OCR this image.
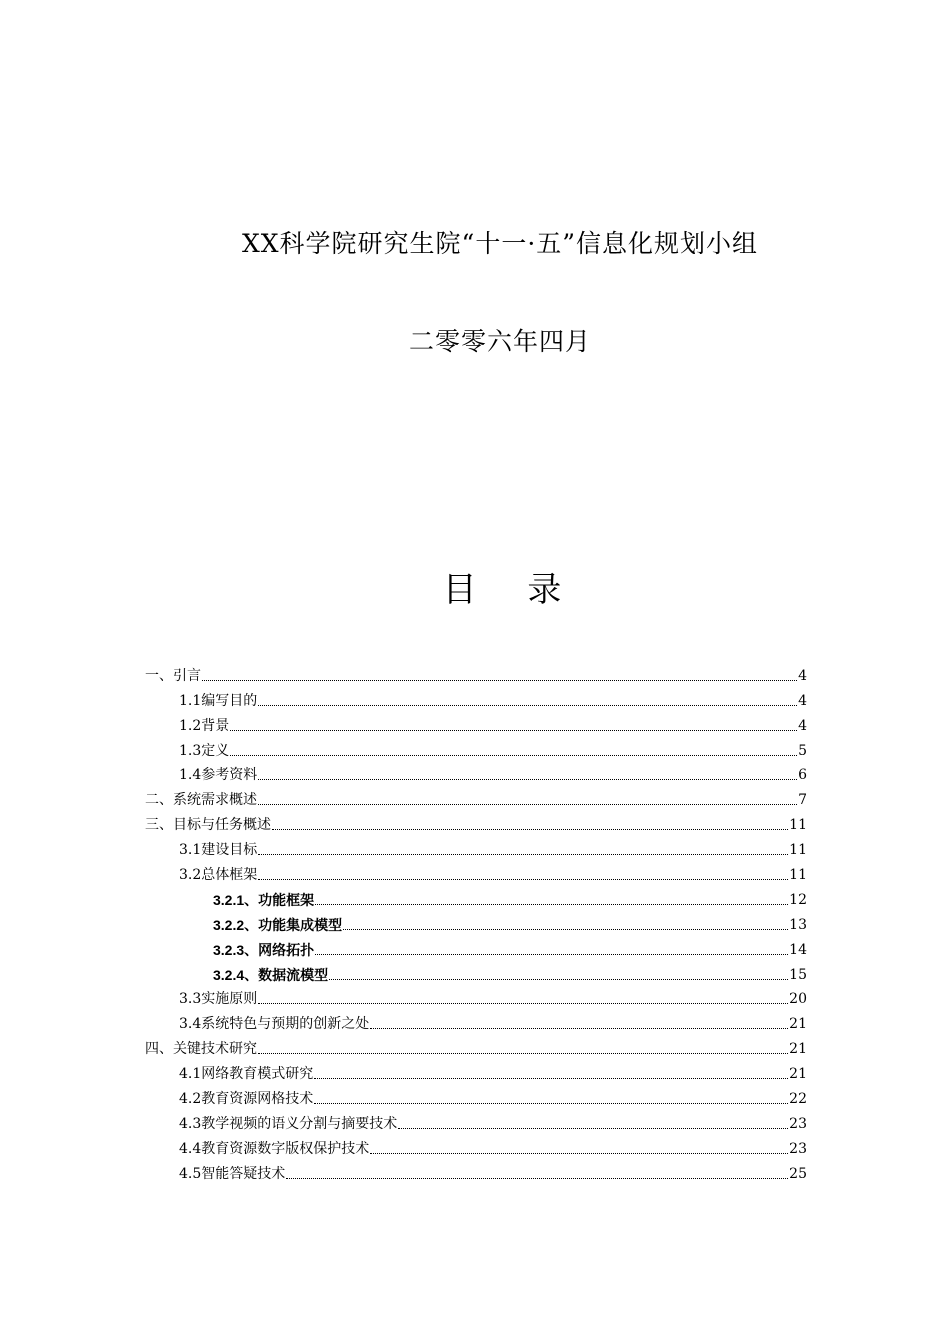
XX科学院研究生院“十一·五”信息化规划小组
二零零六年四月
目 录
一、引言	4
1.1编写目的	4
1.2背景	4
1.3定义	5
1.4参考资料	6
二、系统需求概述	7
三、目标与任务概述	11
3.1建设目标	11
3.2总体框架	11
3.2.1、功能框架	12
3.2.2、功能集成模型	13
3.2.3、网络拓扑	14
3.2.4、数据流模型	15
3.3实施原则	20
3.4系统特色与预期的创新之处	21
四、关键技术研究	21
4.1网络教育模式研究	21
4.2教育资源网格技术	22
4.3教学视频的语义分割与摘要技术	23
4.4教育资源数字版权保护技术	23
4.5智能答疑技术	25
